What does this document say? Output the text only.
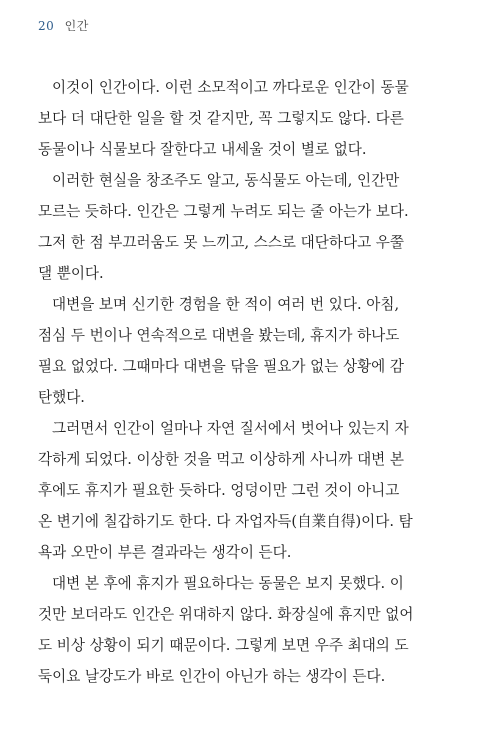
20 인간
이것이 인간이다. 이런 소모적이고 까다로운 인간이 동물
보다 더 대단한 일을 할 것 같지만, 꼭 그렇지도 않다. 다른
동물이나 식물보다 잘한다고 내세울 것이 별로 없다.
이러한 현실을 창조주도 알고, 동식물도 아는데, 인간만
모르는 듯하다. 인간은 그렇게 누려도 되는 줄 아는가 보다.
그저 한 점 부끄러움도 못 느끼고, 스스로 대단하다고 우쭐
댈 뿐이다.
대변을 보며 신기한 경험을 한 적이 여러 번 있다. 아침,
점심 두 번이나 연속적으로 대변을 봤는데, 휴지가 하나도
필요 없었다. 그때마다 대변을 닦을 필요가 없는 상황에 감
탄했다.
그러면서 인간이 얼마나 자연 질서에서 벗어나 있는지 자
각하게 되었다. 이상한 것을 먹고 이상하게 사니까 대변 본
후에도 휴지가 필요한 듯하다. 엉덩이만 그런 것이 아니고
온 변기에 칠갑하기도 한다. 다 자업자득(自業自得)이다. 탐
욕과 오만이 부른 결과라는 생각이 든다.
대변 본 후에 휴지가 필요하다는 동물은 보지 못했다. 이
것만 보더라도 인간은 위대하지 않다. 화장실에 휴지만 없어
도 비상 상황이 되기 때문이다. 그렇게 보면 우주 최대의 도
둑이요 날강도가 바로 인간이 아닌가 하는 생각이 든다.
